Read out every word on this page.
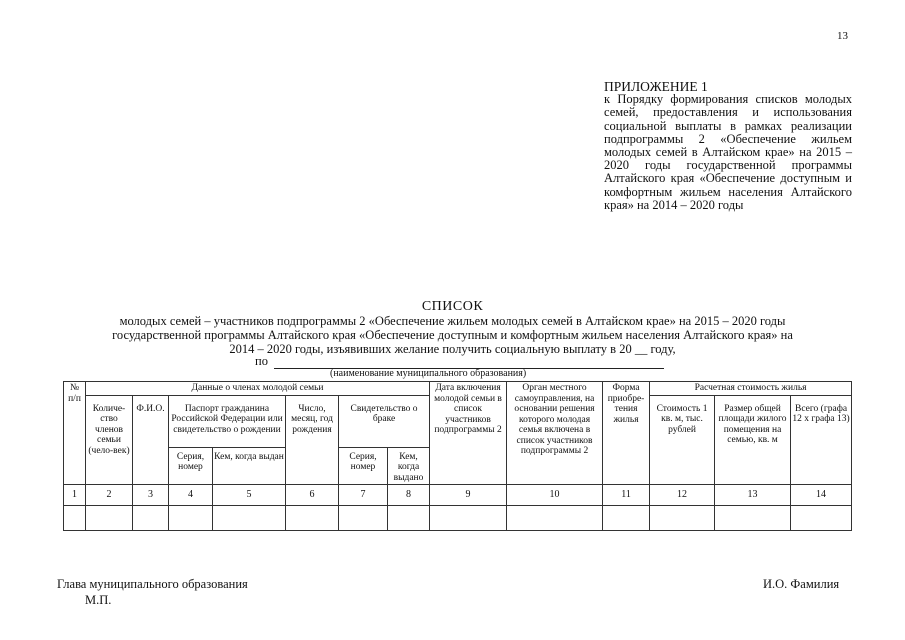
13
ПРИЛОЖЕНИЕ 1
к Порядку формирования списков молодых семей, предоставления и использования социальной выплаты в рамках реализации подпрограммы 2 «Обеспечение жильем молодых семей в Алтайском крае» на 2015 – 2020 годы государственной программы Алтайского края «Обеспечение доступным и комфортным жильем населения Алтайского края» на 2014 – 2020 годы
СПИСОК
молодых семей – участников подпрограммы 2 «Обеспечение жильем молодых семей в Алтайском крае» на 2015 – 2020 годы
государственной программы Алтайского края «Обеспечение доступным и комфортным жильем населения Алтайского края» на
2014 – 2020 годы, изъявивших желание получить социальную выплату в 20 __ году,
по
(наименование муниципального образования)
№ п/п	Данные о членах молодой семьи							Дата включения молодой семьи в список участников подпрограммы 2	Орган местного самоуправления, на основании решения которого молодая семья включена в список участников подпрограммы 2	Форма приобре-тения жилья	Расчетная стоимость жилья		
	Количе-ство членов семьи (чело-век)	Ф.И.О.	Паспорт гражданина Российской Федерации или свидетельство о рождении		Число, месяц, год рождения	Свидетельство о браке					Стоимость 1 кв. м, тыс. рублей	Размер общей площади жилого помещения на семью, кв. м	Всего (графа 12 х графа 13)
			Серия, номер	Кем, когда выдан		Серия, номер	Кем, когда выдано						
1	2	3	4	5	6	7	8	9	10	11	12	13	14

Глава муниципального образования
М.П.
И.О. Фамилия
